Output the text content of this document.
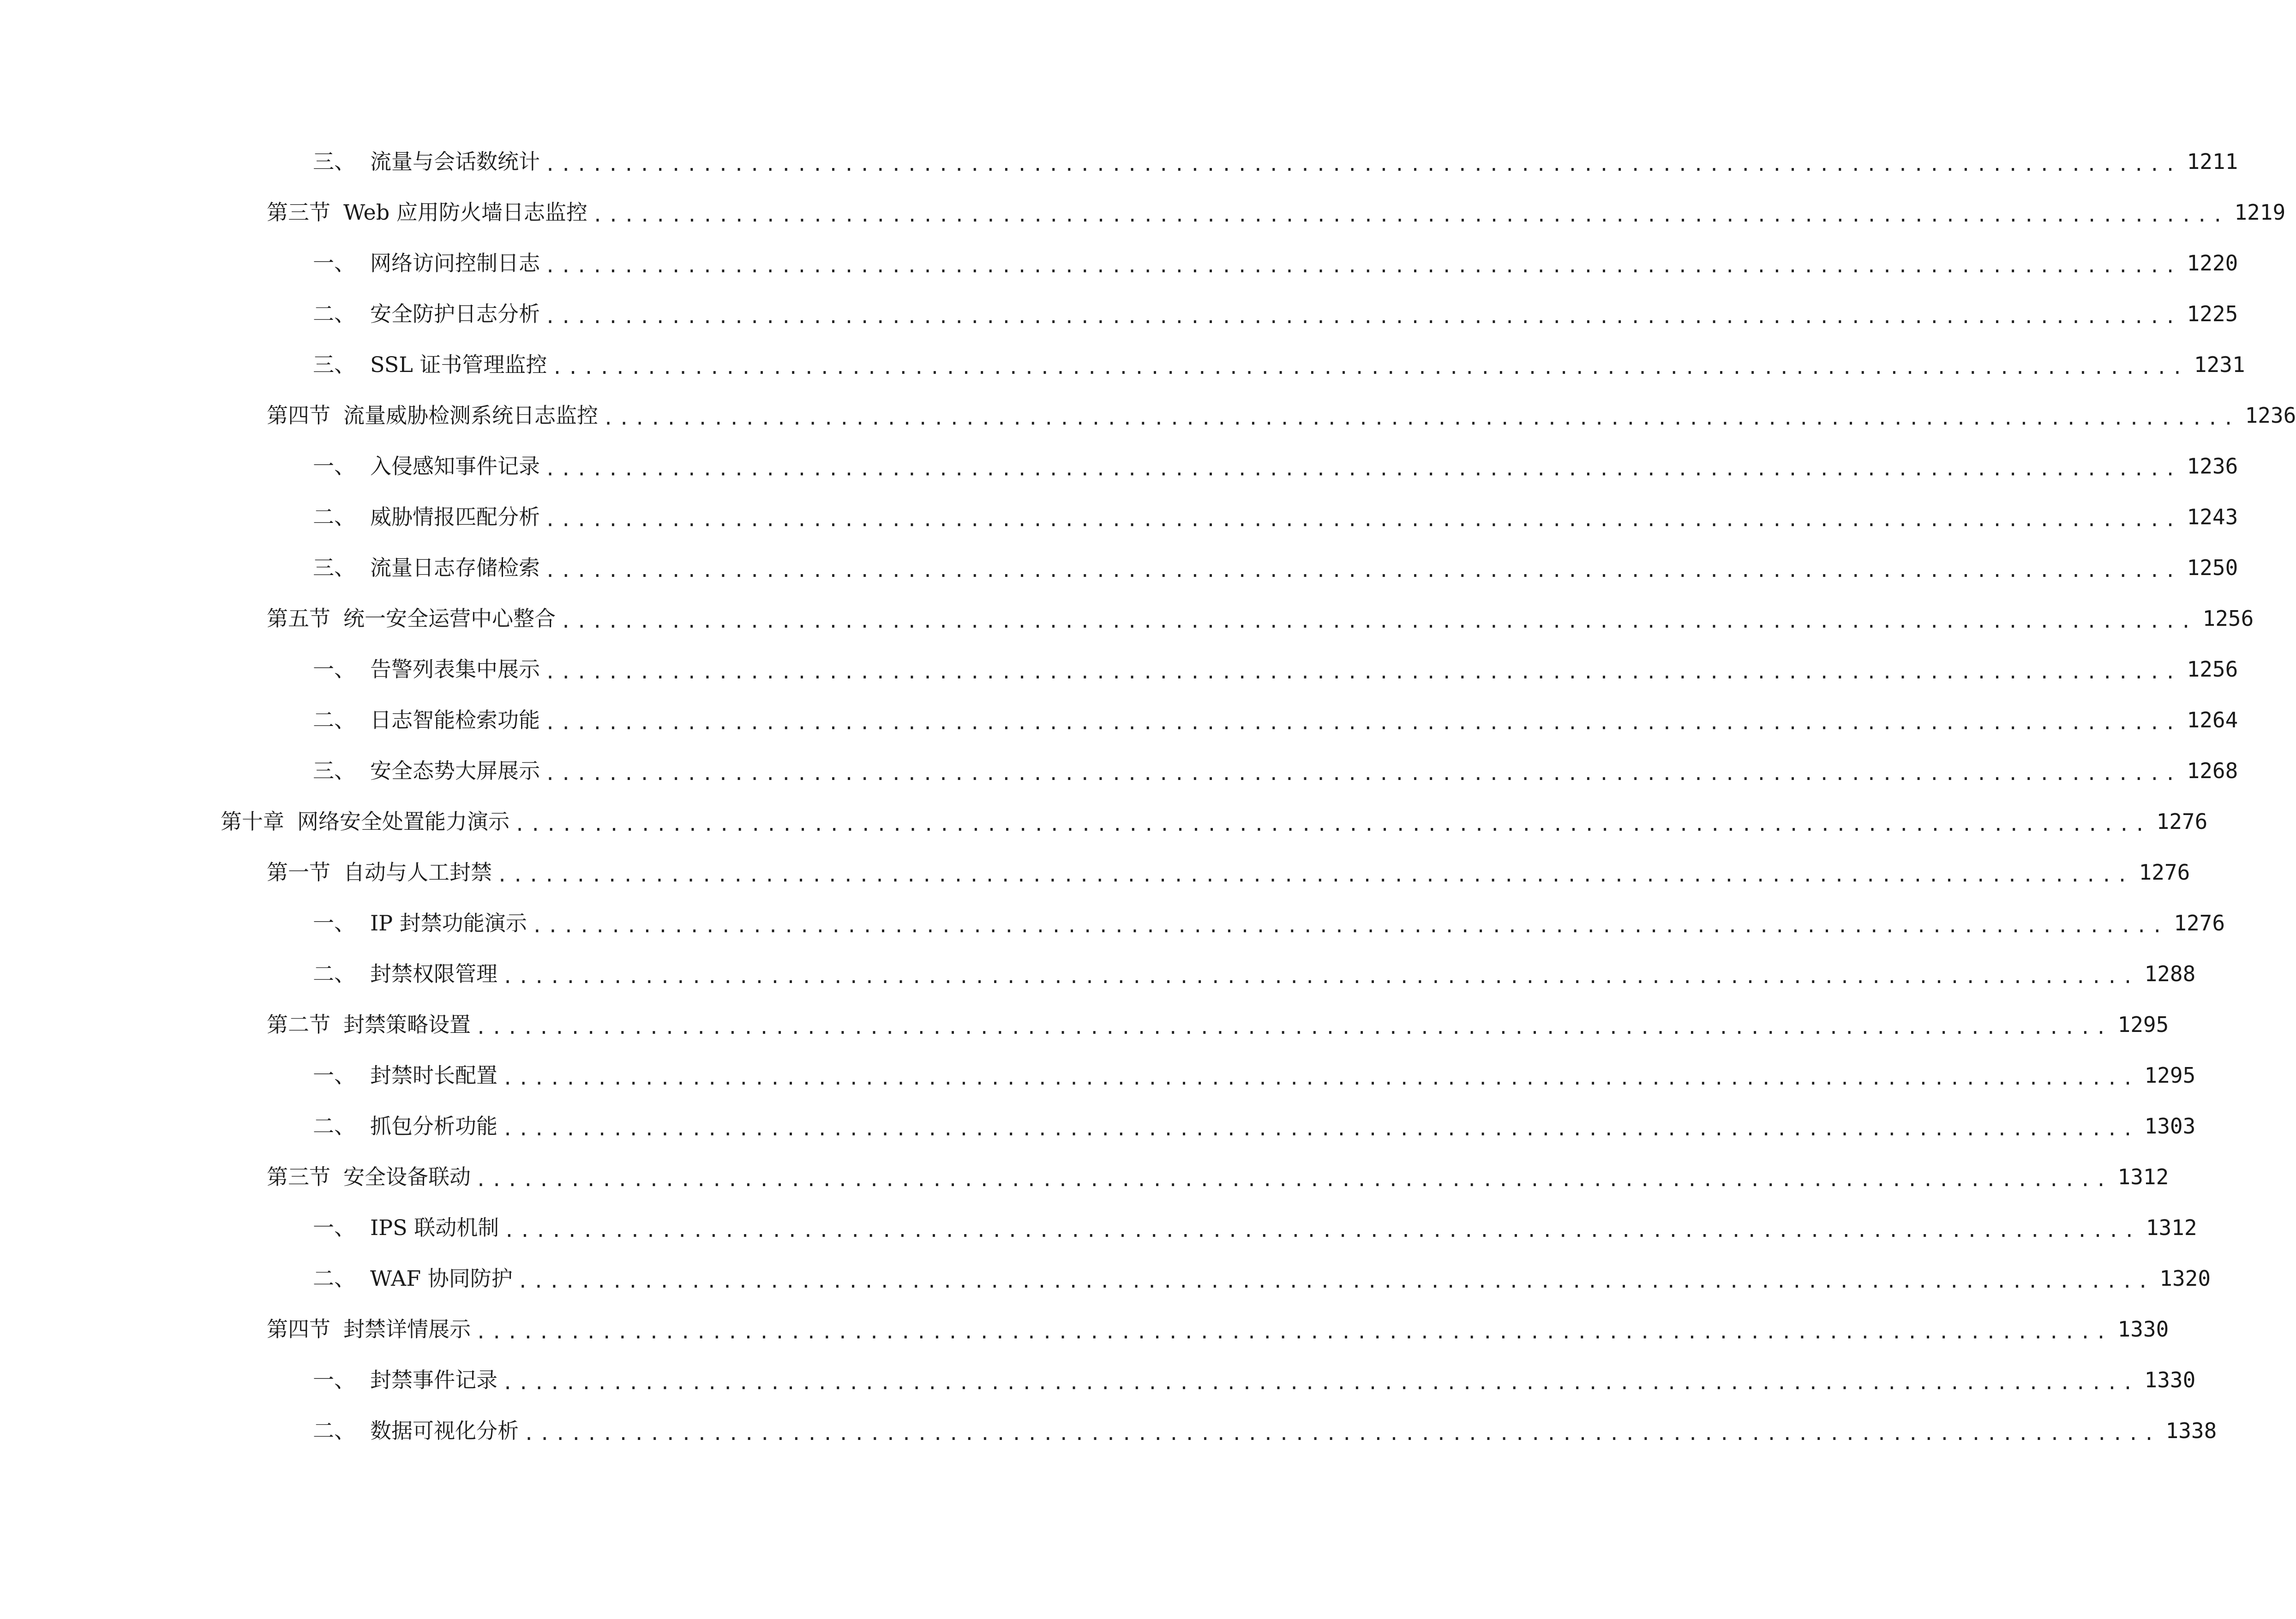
三、 流量与会话数统计 ........................................................................................................ 1211
第三节 Web 应用防火墙日志监控 ........................................................................................................ 1219
一、 网络访问控制日志 ........................................................................................................ 1220
二、 安全防护日志分析 ........................................................................................................ 1225
三、 SSL 证书管理监控 ........................................................................................................ 1231
第四节 流量威胁检测系统日志监控 ........................................................................................................ 1236
一、 入侵感知事件记录 ........................................................................................................ 1236
二、 威胁情报匹配分析 ........................................................................................................ 1243
三、 流量日志存储检索 ........................................................................................................ 1250
第五节 统一安全运营中心整合 ........................................................................................................ 1256
一、 告警列表集中展示 ........................................................................................................ 1256
二、 日志智能检索功能 ........................................................................................................ 1264
三、 安全态势大屏展示 ........................................................................................................ 1268
第十章 网络安全处置能力演示 ........................................................................................................ 1276
第一节 自动与人工封禁 ........................................................................................................ 1276
一、 IP 封禁功能演示 ........................................................................................................ 1276
二、 封禁权限管理 ........................................................................................................ 1288
第二节 封禁策略设置 ........................................................................................................ 1295
一、 封禁时长配置 ........................................................................................................ 1295
二、 抓包分析功能 ........................................................................................................ 1303
第三节 安全设备联动 ........................................................................................................ 1312
一、 IPS 联动机制 ........................................................................................................ 1312
二、 WAF 协同防护 ........................................................................................................ 1320
第四节 封禁详情展示 ........................................................................................................ 1330
一、 封禁事件记录 ........................................................................................................ 1330
二、 数据可视化分析 ........................................................................................................ 1338
